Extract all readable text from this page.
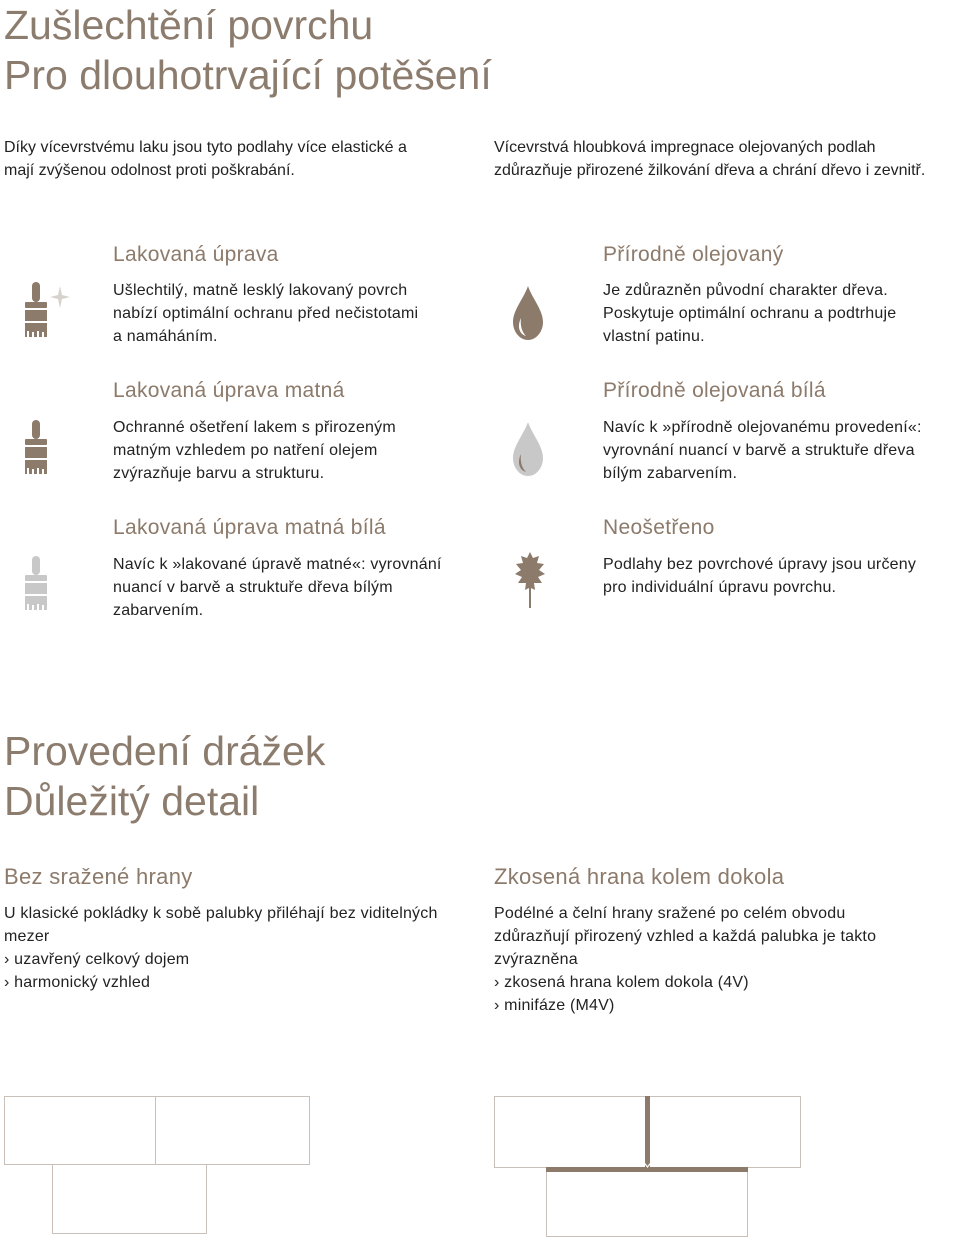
Zušlechtění povrchu
Pro dlouhotrvající potěšení
Díky vícevrstvému laku jsou tyto podlahy více elastické a
mají zvýšenou odolnost proti poškrabání.
Vícevrstvá hloubková impregnace olejovaných podlah
zdůrazňuje přirozené žilkování dřeva a chrání dřevo i zevnitř.
Lakovaná úprava
Ušlechtilý, matně lesklý lakovaný povrch
nabízí optimální ochranu před nečistotami
a namáháním.
Lakovaná úprava matná
Ochranné ošetření lakem s přirozeným
matným vzhledem po natření olejem
zvýrazňuje barvu a strukturu.
Lakovaná úprava matná bílá
Navíc k »lakované úpravě matné«: vyrovnání
nuancí v barvě a struktuře dřeva bílým
zabarvením.
Přírodně olejovaný
Je zdůrazněn původní charakter dřeva.
Poskytuje optimální ochranu a podtrhuje
vlastní patinu.
Přírodně olejovaná bílá
Navíc k »přírodně olejovanému provedení«:
vyrovnání nuancí v barvě a struktuře dřeva
bílým zabarvením.
Neošetřeno
Podlahy bez povrchové úpravy jsou určeny
pro individuální úpravu povrchu.
Provedení drážek
Důležitý detail
Bez sražené hrany
U klasické pokládky k sobě palubky přiléhají bez viditelných
mezer
› uzavřený celkový dojem
› harmonický vzhled
Zkosená hrana kolem dokola
Podélné a čelní hrany sražené po celém obvodu
zdůrazňují přirozený vzhled a každá palubka je takto
zvýrazněna
› zkosená hrana kolem dokola (4V)
› minifáze (M4V)
